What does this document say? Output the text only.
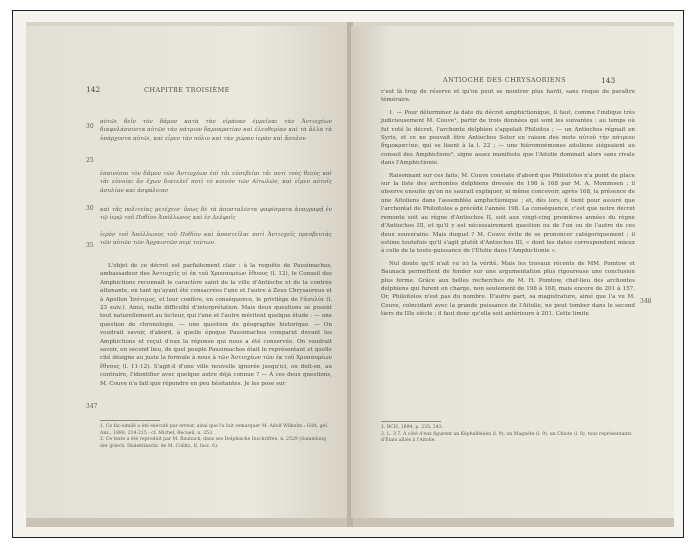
142	CHAPITRE TROISIÈME
30
25
30
35
347

αὐτῶι δεῖν τὸν δᾶμον κατὰ τὰν εἰράναν ἐμμεῖναι τὰν Ἀντιοχέων διαφυλάσσοντα αὐτῶν τὰν πάτριον δαμοκρατίαν καὶ ἐλευθερίαν καὶ τὰ ἄλλα τὰ ὑπάρχοντα αὐτῶι, καὶ εἶμεν τὰν πόλιν καὶ τὰν χώραν ἱερὰν καὶ ἄσυλον

ἐπαινέσαι τὸν δᾶμον τῶν Ἀντιοχέων ἐπὶ τᾶι εὐσεβείαι τᾶι ποτὶ τοὺς θεοὺς καὶ τᾶι εὐνοίαι ἂν ἔχων διατελεῖ ποτὶ τὸ κοινὸν τῶν Αἰτωλῶν, καὶ εἶμεν αὐτοῖς ἀσυλίαν καὶ ἀσφάλειαν

καὶ τᾶς πολιτείας μετέχειν· ὅπως δὲ τὰ ἀποσταλέντα ψαφίσματα ἀναγραφῇ ἐν τῷ ἱερῷ τοῦ Πυθίου Ἀπόλλωνος καὶ ἐν Δελφοῖς

ἱερὸν τοῦ Ἀπόλλωνος τοῦ Πυθίου καὶ ἀποστεῖλαι ποτὶ Ἀντιοχεῖς πρεσβευτὰς τῶν αὐτῶν τῶν Ἀρχαιστῶν περὶ τούτων.

L'objet de ce décret est parfaitement clair : à la requête de Pausimachos, ambassadeur des Ἀντιοχεῖς οἱ ἐκ τοῦ Χρυσαορέων ἔθνους (l. 12), le Conseil des Amphictions reconnaît le caractère saint de la ville d'Antioche et de la contrée attenante, en tant qu'ayant été consacrées l'une et l'autre à Zeus Chrysaoreus et à Apollon Ἰσότιμος, et leur confère, en conséquence, le privilège de l'ἀσυλία (l. 23 suiv.). Ainsi, nulle difficulté d'interprétation. Mais deux questions se posent tout naturellement au lecteur, qui l'une et l'autre méritent quelque étude : — une question de chronologie, — une question de géographie historique. — On voudrait savoir, d'abord, à quelle époque Pausimachos comparut devant les Amphictions et reçut d'eux la réponse qui nous a été conservée. On voudrait savoir, en second lieu, de quel peuple Pausimachos était le représentant et quelle cité désigne au juste la formule à nous à τῶν Ἀντιοχέων τῶν ἐκ τοῦ Χρυσαορέων ἔθνους (l. 11-12). S'agit-il d'une ville nouvelle ignorée jusqu'ici, ou doit-on, au contraire, l'identifier avec quelque autre déjà connue ? — À ces deux questions, M. Couve n'a fait que répondre en peu hésitantes. Je les pose sur

1. Ce fac-similé a été exécuté par erreur, ainsi que l'a fait remarquer M. Adolf Wilhelm : Gött. gel. Anz., 1898, 214-215 ; cf. Michel, Recueil, n. 253.

2. Ce texte a été reproduit par M. Baunack, dans ses Delphische Inschriften, n. 2529 (Sammlung der griech. Dialektinschr. de M. Collitz, II, fasc. 6).

ANTIOCHE DES CHRYSAORIENS	143
348

c'est là trop de réserve et qu'on peut se montrer plus hardi, sans risque de paraître téméraire.

1. — Pour déterminer la date du décret amphictionique, il faut, comme l'indique très judicieusement M. Couve¹, partir de trois données qui sont les suivantes : au temps où fut voté le décret, l'archonte delphien s'appelait Philoitos ; — un Antiochos régnait en Syrie, et ce ne pouvait être Antiochos Soter en raison des mots αὐτοῦ τὴν πάτριον δημοκρατίαν, qui se lisent à la l. 22 ; — une hiéromnémones aitoliens siégeaient au conseil des Amphictions², signe assez manifeste que l'Aitolie dominait alors sans rivale dans l'Amphictionie.

Raisonnant sur ces faits, M. Couve constate d'abord que Philoitolos n'a point de place sur la liste des archontes delphiens dressée de 198 à 168 par M. A. Mommsen ; il observe ensuite qu'on ne saurait expliquer, ni même concevoir, après 168, la présence de une Aitoliens dans l'assemblée amphictionique ; et, dès lors, il tient pour assuré que l'archontat de Philoitolos a précédé l'année 198. La conséquence, c'est que notre décret remonte soit au règne d'Antiochos II, soit aux vingt-cinq premières années du règne d'Antiochos III, et qu'il y est nécessairement question ou de l'un ou de l'autre de ces deux souverains. Mais duquel ? M. Couve évite de se prononcer catégoriquement ; il estime toutefois qu'il s'agit plutôt d'Antiochos III, « dont les dates correspondent mieux à celle de la toute-puissance de l'Étolie dans l'Amphictionie ».

Nul doute qu'il n'ait vu ici la vérité. Mais les travaux récents de MM. Pomtow et Baunack permettent de fonder sur une argumentation plus rigoureuse une conclusion plus ferme. Grâce aux belles recherches de M. H. Pomtow, chef-lieu des archontes delphiens qui furent en charge, non seulement de 198 à 168, mais encore de 201 à 157. Or, Philoitolos n'est pas du nombre. D'autre part, sa magistrature, ainsi que l'a vu M. Couve, coïncidant avec la grande puissance de l'Aitolie, ne peut tomber dans le second tiers du IIIe siècle ; il faut donc qu'elle soit antérieure à 201. Cette limite

1. BCH, 1894, p. 235, 243.

2. L. 3-7. À côté d'eux figurent un Képhallénien (l. 9), un Magnète (l. 9), un Chiote (l. 8), tous représentants d'États alliés à l'Aitolie.
